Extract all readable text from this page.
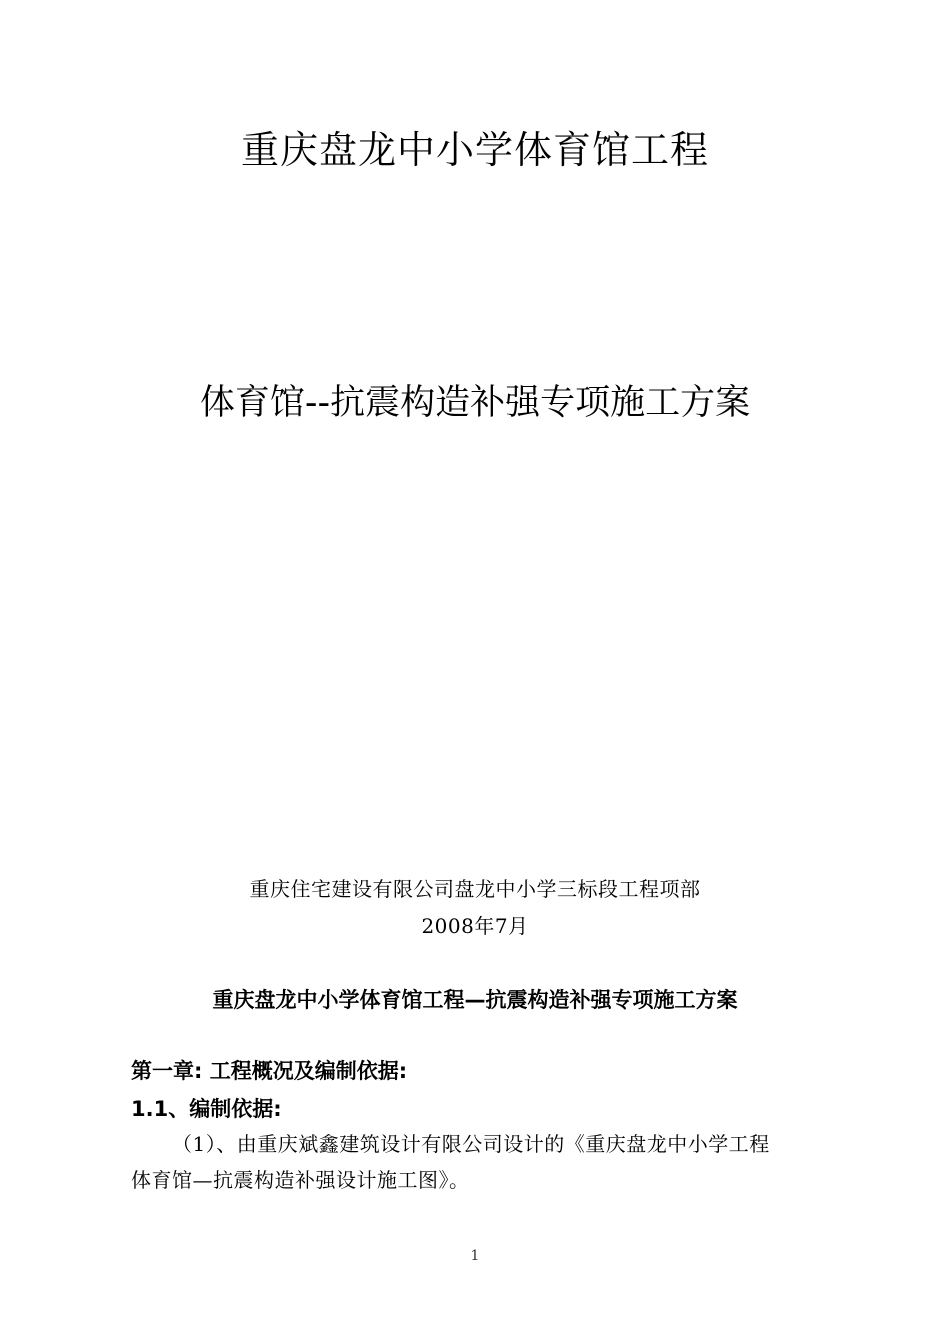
重庆盘龙中小学体育馆工程
体育馆--抗震构造补强专项施工方案
重庆住宅建设有限公司盘龙中小学三标段工程项部
2008年7月
重庆盘龙中小学体育馆工程—抗震构造补强专项施工方案
第一章: 工程概况及编制依据:
1.1、编制依据:
（1）、由重庆斌鑫建筑设计有限公司设计的《重庆盘龙中小学工程
体育馆—抗震构造补强设计施工图》。
1
